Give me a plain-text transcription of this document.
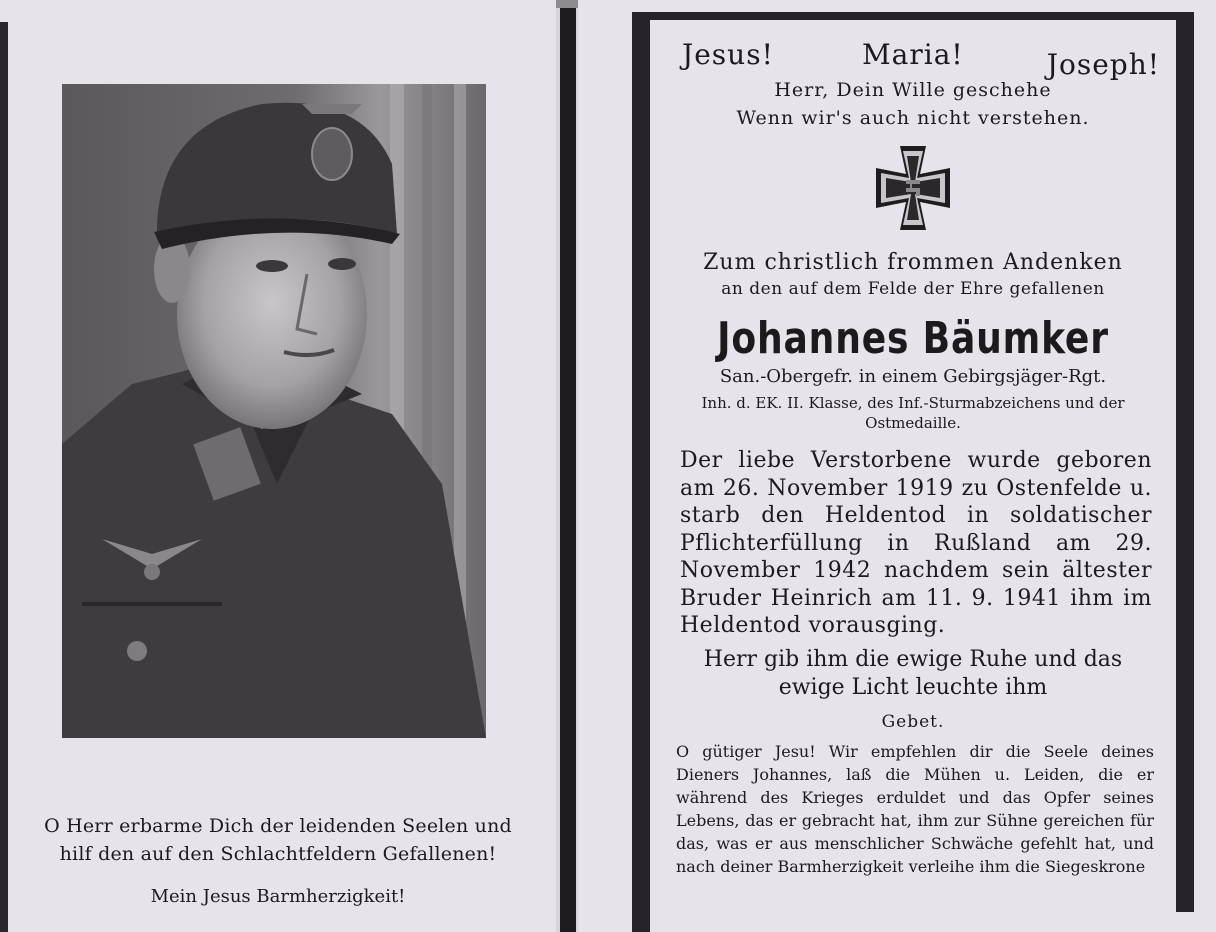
O Herr erbarme Dich der leidenden Seelen und hilf den auf den Schlachtfeldern Gefallenen!
Mein Jesus Barmherzigkeit!
Jesus!	Maria!	Joseph!
Herr, Dein Wille geschehe
Wenn wir's auch nicht verstehen.
Zum christlich frommen Andenken
an den auf dem Felde der Ehre gefallenen
Johannes Bäumker
San.-Obergefr. in einem Gebirgsjäger-Rgt.
Inh. d. EK. II. Klasse, des Inf.-Sturmabzeichens und der Ostmedaille.
Der liebe Verstorbene wurde geboren am 26. November 1919 zu Ostenfelde u. starb den Heldentod in soldatischer Pflichterfüllung in Rußland am 29. November 1942 nachdem sein ältester Bruder Heinrich am 11. 9. 1941 ihm im Heldentod vorausging.
Herr gib ihm die ewige Ruhe und das ewige Licht leuchte ihm
Gebet.
O gütiger Jesu! Wir empfehlen dir die Seele deines Dieners Johannes, laß die Mühen u. Leiden, die er während des Krieges erduldet und das Opfer seines Lebens, das er gebracht hat, ihm zur Sühne gereichen für das, was er aus menschlicher Schwäche gefehlt hat, und nach deiner Barmherzigkeit verleihe ihm die Siegeskrone
